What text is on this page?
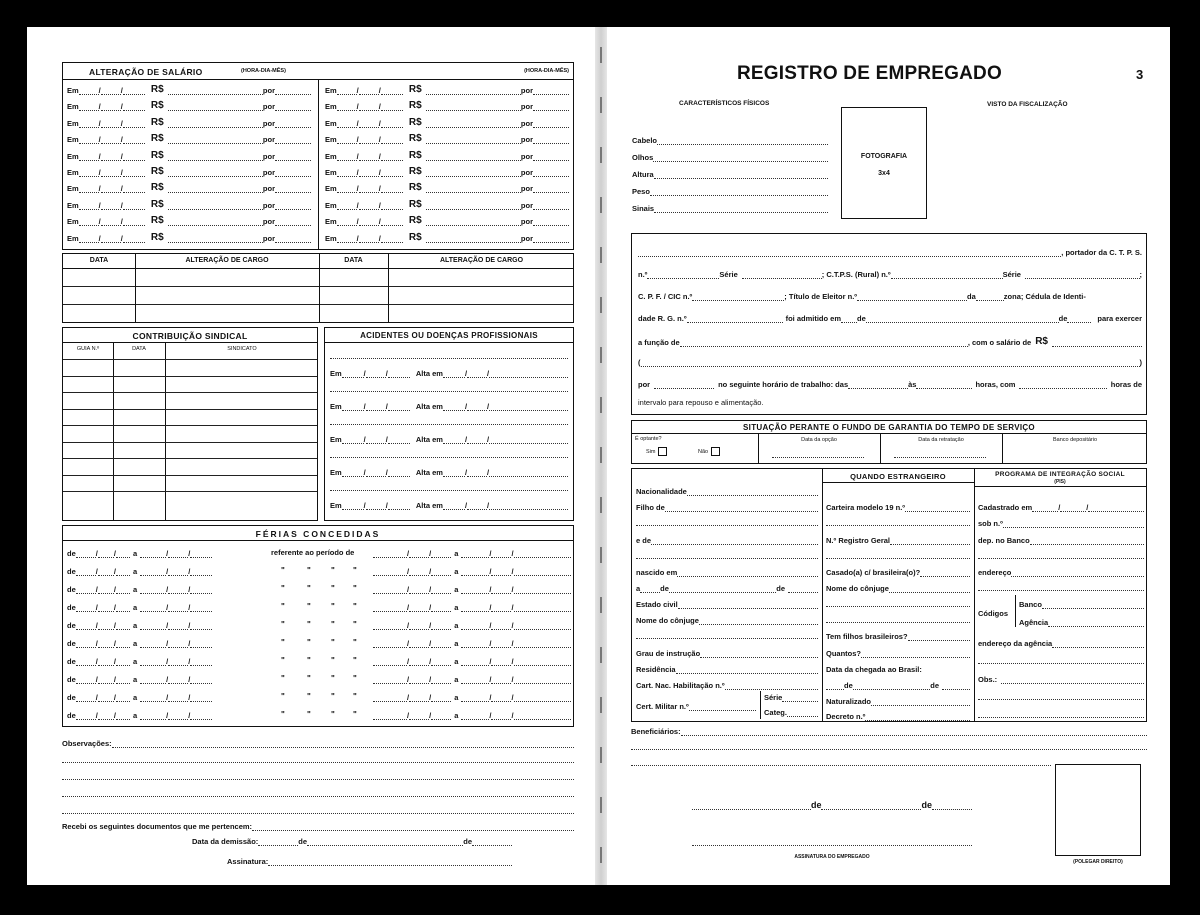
ALTERAÇÃO DE SALÁRIO	(HORA-DIA-MÊS)	(HORA-DIA-MÊS)
Em	/	/	R$	por	Em	/	/	R$	por
Em	/	/	R$	por	Em	/	/	R$	por
Em	/	/	R$	por	Em	/	/	R$	por
Em	/	/	R$	por	Em	/	/	R$	por
Em	/	/	R$	por	Em	/	/	R$	por
Em	/	/	R$	por	Em	/	/	R$	por
Em	/	/	R$	por	Em	/	/	R$	por
Em	/	/	R$	por	Em	/	/	R$	por
Em	/	/	R$	por	Em	/	/	R$	por
Em	/	/	R$	por	Em	/	/	R$	por
DATA	ALTERAÇÃO DE CARGO	DATA	ALTERAÇÃO DE CARGO
CONTRIBUIÇÃO SINDICAL
GUIA N.º	DATA	SINDICATO
ACIDENTES OU DOENÇAS PROFISSIONAIS
Em	/	/	Alta em	/	/
Em	/	/	Alta em	/	/
Em	/	/	Alta em	/	/
Em	/	/	Alta em	/	/
Em	/	/	Alta em	/	/
FÉRIAS CONCEDIDAS
de	/ / a	/	/	referente ao período de	/	/	a	/	/
de	/ / a	/	/	"	"	" "	/	/	a	/	/
de	/ / a	/	/	"	"	" "	/	/	a	/	/
de	/ / a	/	/	"	"	" "	/	/	a	/	/
de	/ / a	/	/	"	"	" "	/	/	a	/	/
de	/ / a	/	/	"	"	" "	/	/	a	/	/
de	/ / a	/	/	"	"	" "	/	/	a	/	/
de	/ / a	/	/	"	"	" "	/	/	a	/	/
de	/ / a	/	/	"	"	" "	/	/	a	/	/
de	/ / a	/	/	"	"	" "	/	/	a	/	/
Observações:
Recebi os seguintes documentos que me pertencem:
Data da demissão:	de	de
Assinatura:
REGISTRO DE EMPREGADO	3
CARACTERÍSTICOS FÍSICOS	VISTO DA FISCALIZAÇÃO
Cabelo
Olhos
Altura
Peso
Sinais
FOTOGRAFIA
3x4
, portador da C. T. P. S.
n.º	Série	; C.T.P.S. (Rural) n.º	Série	;
C. P. F. / CIC n.º	; Título de Eleitor n.º	da	zona; Cédula de Identi-
dade R. G. n.º	foi admitido em de	de	para exercer
a função de	, com o salário de R$
(	)
por	no seguinte horário de trabalho: das	às	horas, com	horas de
intervalo para repouso e alimentação.
SITUAÇÃO PERANTE O FUNDO DE GARANTIA DO TEMPO DE SERVIÇO
É optante?
Sim	Não
Data da opção	Data da retratação	Banco depositário
QUANDO ESTRANGEIRO	PROGRAMA DE INTEGRAÇÃO SOCIAL
(PIS)
Nacionalidade
Filho de
e de
nascido em
a	de	de
Estado civil
Nome do cônjuge
Grau de instrução
Residência
Cart. Nac. Habilitação n.º
Cert. Militar n.º
Série
Categ.
Carteira modelo 19 n.º
N.º Registro Geral
Casado(a) c/ brasileira(o)?
Nome do cônjuge
Tem filhos brasileiros?
Quantos?
Data da chegada ao Brasil:
de	de
Naturalizado
Decreto n.º
Cadastrado em	/	/
sob n.º
dep. no Banco
endereço
Códigos
Banco
Agência
endereço da agência
Obs.:
Beneficiários:
de	de
ASSINATURA DO EMPREGADO
(POLEGAR DIREITO)
